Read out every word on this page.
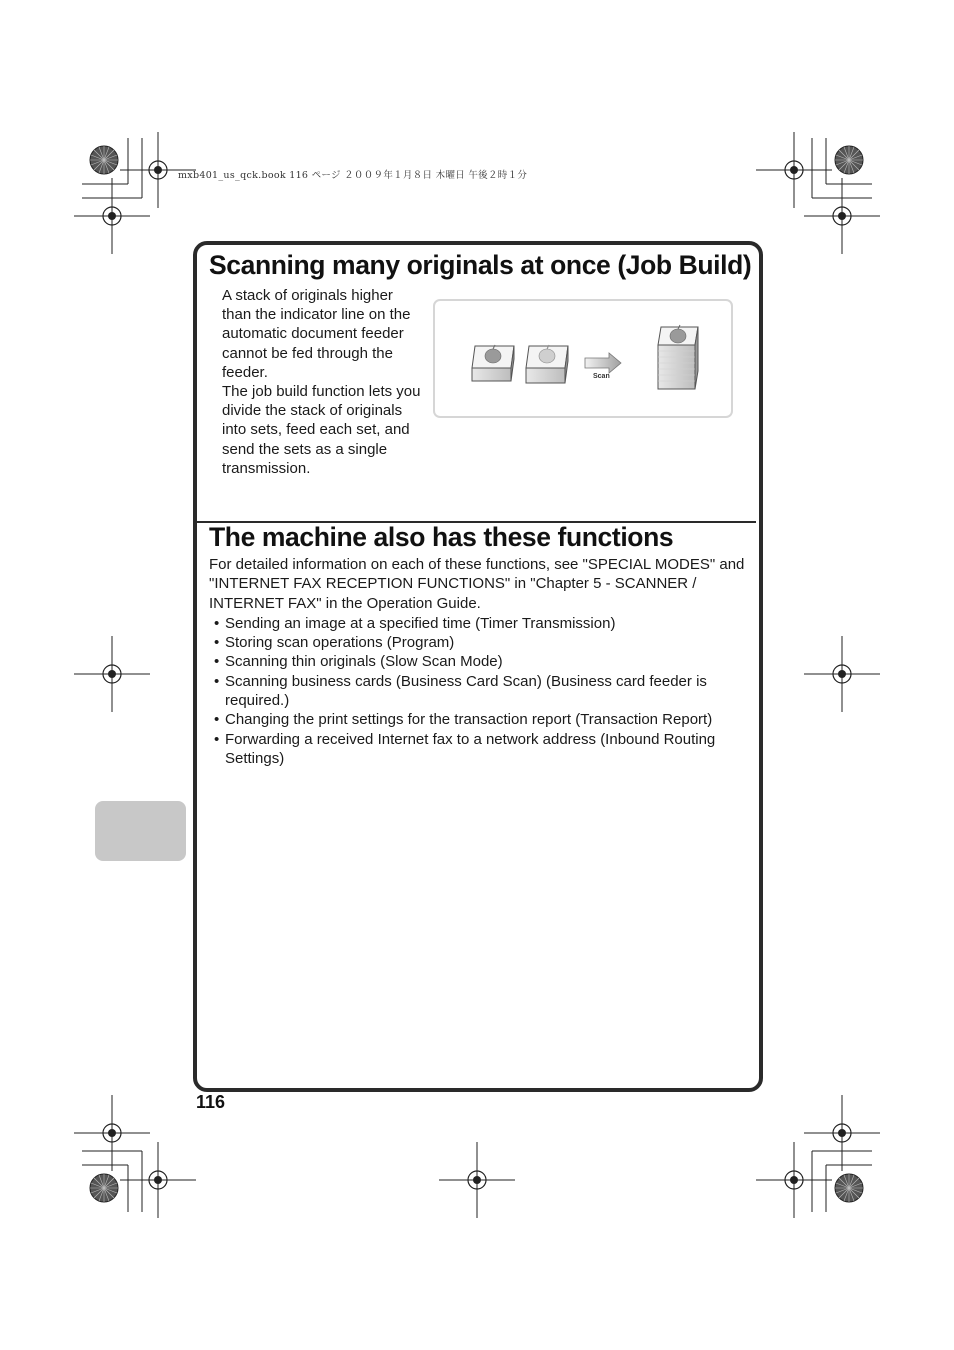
mxb401_us_qck.book 116 ページ ２００９年１月８日 木曜日 午後２時１分
Scanning many originals at once (Job Build)

A stack of originals higher than the indicator line on the automatic document feeder cannot be fed through the feeder.

The job build function lets you divide the stack of originals into sets, feed each set, and send the sets as a single transmission.

Scan
The machine also has these functions

For detailed information on each of these functions, see "SPECIAL MODES" and "INTERNET FAX RECEPTION FUNCTIONS" in "Chapter 5 - SCANNER / INTERNET FAX" in the Operation Guide.

• Sending an image at a specified time (Timer Transmission)
• Storing scan operations (Program)
• Scanning thin originals (Slow Scan Mode)
• Scanning business cards (Business Card Scan) (Business card feeder is required.)
• Changing the print settings for the transaction report (Transaction Report)
• Forwarding a received Internet fax to a network address (Inbound Routing Settings)
116
